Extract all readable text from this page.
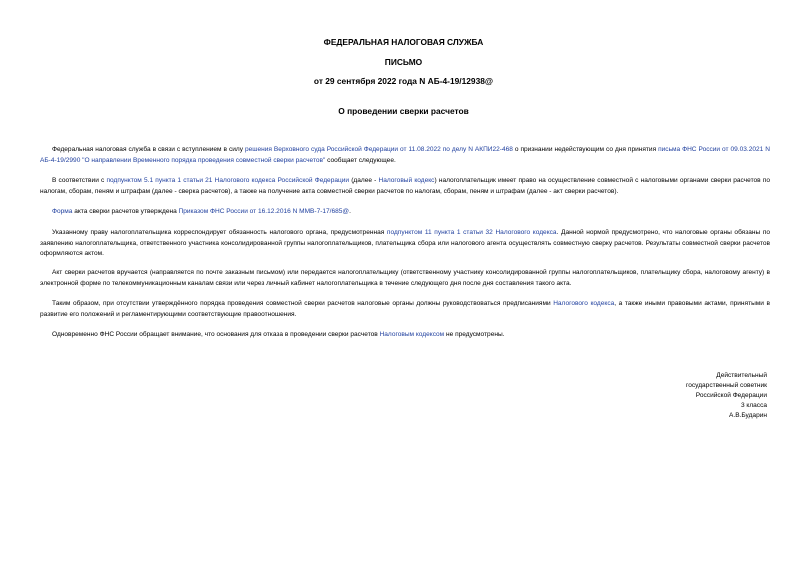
ФЕДЕРАЛЬНАЯ НАЛОГОВАЯ СЛУЖБА
ПИСЬМО
от 29 сентября 2022 года N АБ-4-19/12938@
О проведении сверки расчетов

Федеральная налоговая служба в связи с вступлением в силу решения Верховного суда Российской Федерации от 11.08.2022 по делу N АКПИ22-468 о признании недействующим со дня принятия письма ФНС России от 09.03.2021 N АБ-4-19/2990 "О направлении Временного порядка проведения совместной сверки расчетов" сообщает следующее.

В соответствии с подпунктом 5.1 пункта 1 статьи 21 Налогового кодекса Российской Федерации (далее - Налоговый кодекс) налогоплательщик имеет право на осуществление совместной с налоговыми органами сверки расчетов по налогам, сборам, пеням и штрафам (далее - сверка расчетов), а также на получение акта совместной сверки расчетов по налогам, сборам, пеням и штрафам (далее - акт сверки расчетов).

Форма акта сверки расчетов утверждена Приказом ФНС России от 16.12.2016 N ММВ-7-17/685@.

Указанному праву налогоплательщика корреспондирует обязанность налогового органа, предусмотренная подпунктом 11 пункта 1 статьи 32 Налогового кодекса. Данной нормой предусмотрено, что налоговые органы обязаны по заявлению налогоплательщика, ответственного участника консолидированной группы налогоплательщиков, плательщика сбора или налогового агента осуществлять совместную сверку расчетов. Результаты совместной сверки расчетов оформляются актом.

Акт сверки расчетов вручается (направляется по почте заказным письмом) или передается налогоплательщику (ответственному участнику консолидированной группы налогоплательщиков, плательщику сбора, налоговому агенту) в электронной форме по телекоммуникационным каналам связи или через личный кабинет налогоплательщика в течение следующего дня после дня составления такого акта.

Таким образом, при отсутствии утверждённого порядка проведения совместной сверки расчетов налоговые органы должны руководствоваться предписаниями Налогового кодекса, а также иными правовыми актами, принятыми в развитие его положений и регламентирующими соответствующие правоотношения.

Одновременно ФНС России обращает внимание, что основания для отказа в проведении сверки расчетов Налоговым кодексом не предусмотрены.

Действительный
государственный советник
Российской Федерации
3 класса
А.В.Бударин
